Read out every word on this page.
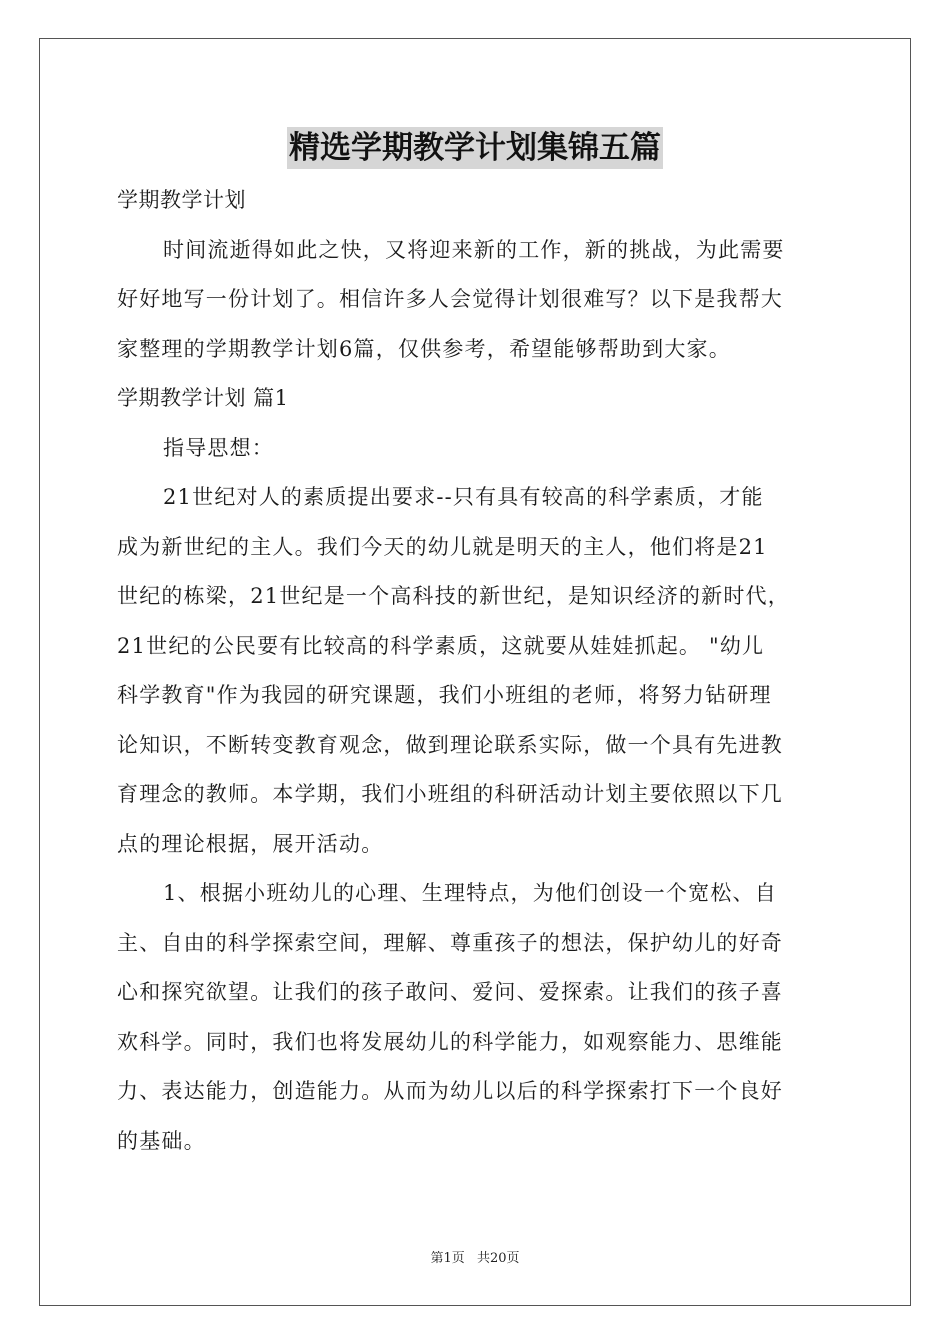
精选学期教学计划集锦五篇
学期教学计划
时间流逝得如此之快，又将迎来新的工作，新的挑战，为此需要
好好地写一份计划了。相信许多人会觉得计划很难写？以下是我帮大
家整理的学期教学计划6篇，仅供参考，希望能够帮助到大家。
学期教学计划 篇1
指导思想：
21世纪对人的素质提出要求--只有具有较高的科学素质，才能
成为新世纪的主人。我们今天的幼儿就是明天的主人，他们将是21
世纪的栋梁，21世纪是一个高科技的新世纪，是知识经济的新时代，
21世纪的公民要有比较高的科学素质，这就要从娃娃抓起。 "幼儿
科学教育"作为我园的研究课题，我们小班组的老师，将努力钻研理
论知识，不断转变教育观念，做到理论联系实际，做一个具有先进教
育理念的教师。本学期，我们小班组的科研活动计划主要依照以下几
点的理论根据，展开活动。
1、根据小班幼儿的心理、生理特点，为他们创设一个宽松、自
主、自由的科学探索空间，理解、尊重孩子的想法，保护幼儿的好奇
心和探究欲望。让我们的孩子敢问、爱问、爱探索。让我们的孩子喜
欢科学。同时，我们也将发展幼儿的科学能力，如观察能力、思维能
力、表达能力，创造能力。从而为幼儿以后的科学探索打下一个良好
的基础。
第1页 共20页
